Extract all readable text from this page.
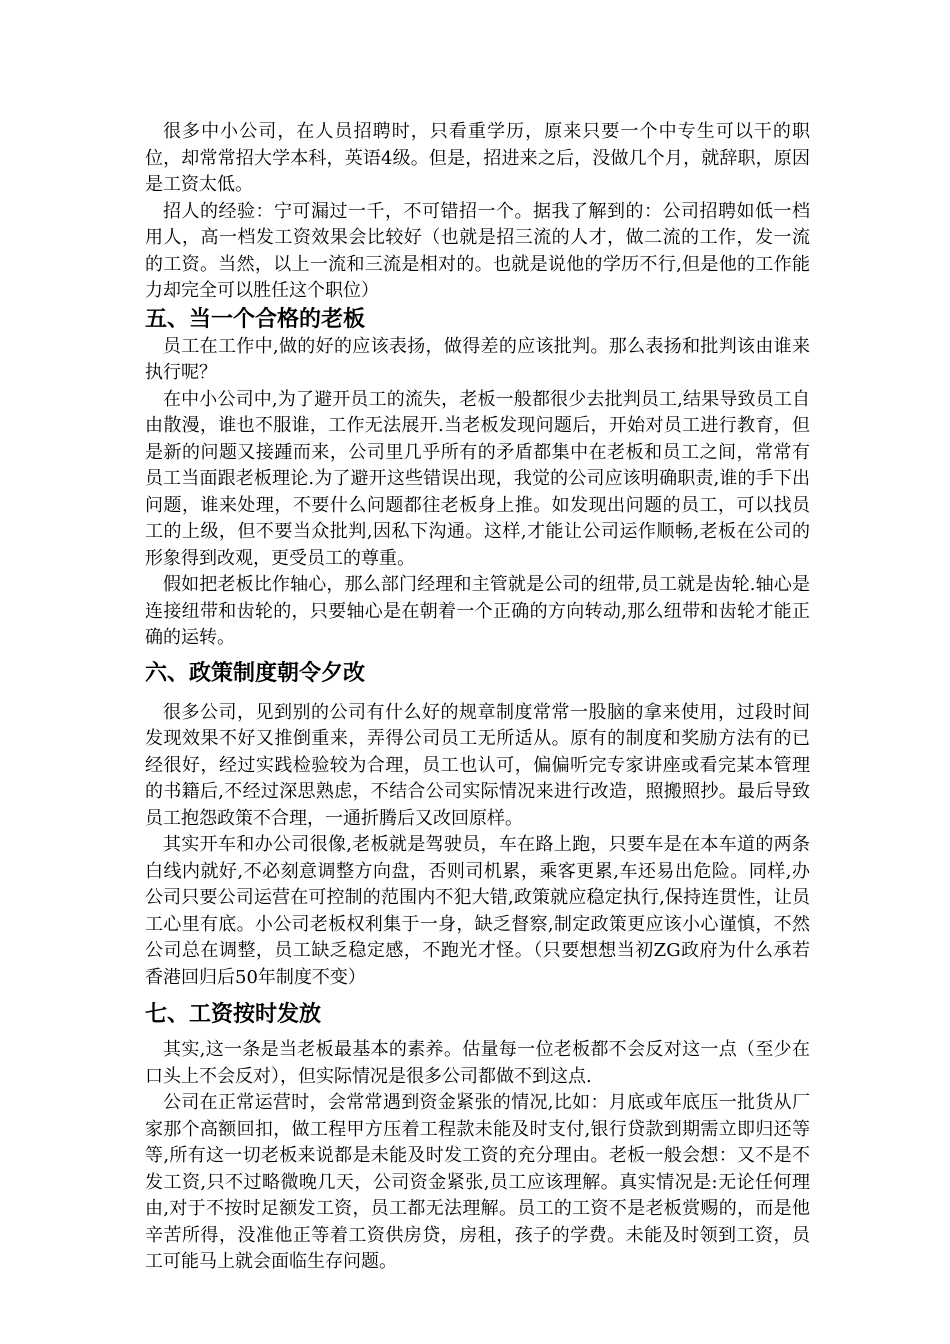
很多中小公司，在人员招聘时，只看重学历，原来只要一个中专生可以干的职位，却常常招大学本科，英语4级。但是，招进来之后，没做几个月，就辞职，原因是工资太低。

招人的经验：宁可漏过一千，不可错招一个。据我了解到的：公司招聘如低一档用人，高一档发工资效果会比较好（也就是招三流的人才，做二流的工作，发一流的工资。当然，以上一流和三流是相对的。也就是说他的学历不行,但是他的工作能力却完全可以胜任这个职位）

五、当一个合格的老板

员工在工作中,做的好的应该表扬，做得差的应该批判。那么表扬和批判该由谁来执行呢？

在中小公司中,为了避开员工的流失，老板一般都很少去批判员工,结果导致员工自由散漫，谁也不服谁，工作无法展开.当老板发现问题后，开始对员工进行教育，但是新的问题又接踵而来，公司里几乎所有的矛盾都集中在老板和员工之间，常常有员工当面跟老板理论.为了避开这些错误出现，我觉的公司应该明确职责,谁的手下出问题，谁来处理，不要什么问题都往老板身上推。如发现出问题的员工，可以找员工的上级，但不要当众批判,因私下沟通。这样,才能让公司运作顺畅,老板在公司的形象得到改观，更受员工的尊重。

假如把老板比作轴心，那么部门经理和主管就是公司的纽带,员工就是齿轮.轴心是连接纽带和齿轮的，只要轴心是在朝着一个正确的方向转动,那么纽带和齿轮才能正确的运转。

六、政策制度朝令夕改

很多公司，见到别的公司有什么好的规章制度常常一股脑的拿来使用，过段时间发现效果不好又推倒重来，弄得公司员工无所适从。原有的制度和奖励方法有的已经很好，经过实践检验较为合理，员工也认可，偏偏听完专家讲座或看完某本管理的书籍后,不经过深思熟虑，不结合公司实际情况来进行改造，照搬照抄。最后导致员工抱怨政策不合理，一通折腾后又改回原样。

其实开车和办公司很像,老板就是驾驶员，车在路上跑，只要车是在本车道的两条白线内就好,不必刻意调整方向盘，否则司机累，乘客更累,车还易出危险。同样,办公司只要公司运营在可控制的范围内不犯大错,政策就应稳定执行,保持连贯性，让员工心里有底。小公司老板权利集于一身，缺乏督察,制定政策更应该小心谨慎，不然公司总在调整，员工缺乏稳定感，不跑光才怪。（只要想想当初ZG政府为什么承若香港回归后50年制度不变）

七、工资按时发放

其实,这一条是当老板最基本的素养。估量每一位老板都不会反对这一点（至少在口头上不会反对），但实际情况是很多公司都做不到这点.

公司在正常运营时，会常常遇到资金紧张的情况,比如：月底或年底压一批货从厂家那个高额回扣，做工程甲方压着工程款未能及时支付,银行贷款到期需立即归还等等,所有这一切老板来说都是未能及时发工资的充分理由。老板一般会想：又不是不发工资,只不过略微晚几天，公司资金紧张,员工应该理解。真实情况是:无论任何理由,对于不按时足额发工资，员工都无法理解。员工的工资不是老板赏赐的，而是他辛苦所得，没准他正等着工资供房贷，房租，孩子的学费。未能及时领到工资，员工可能马上就会面临生存问题。
